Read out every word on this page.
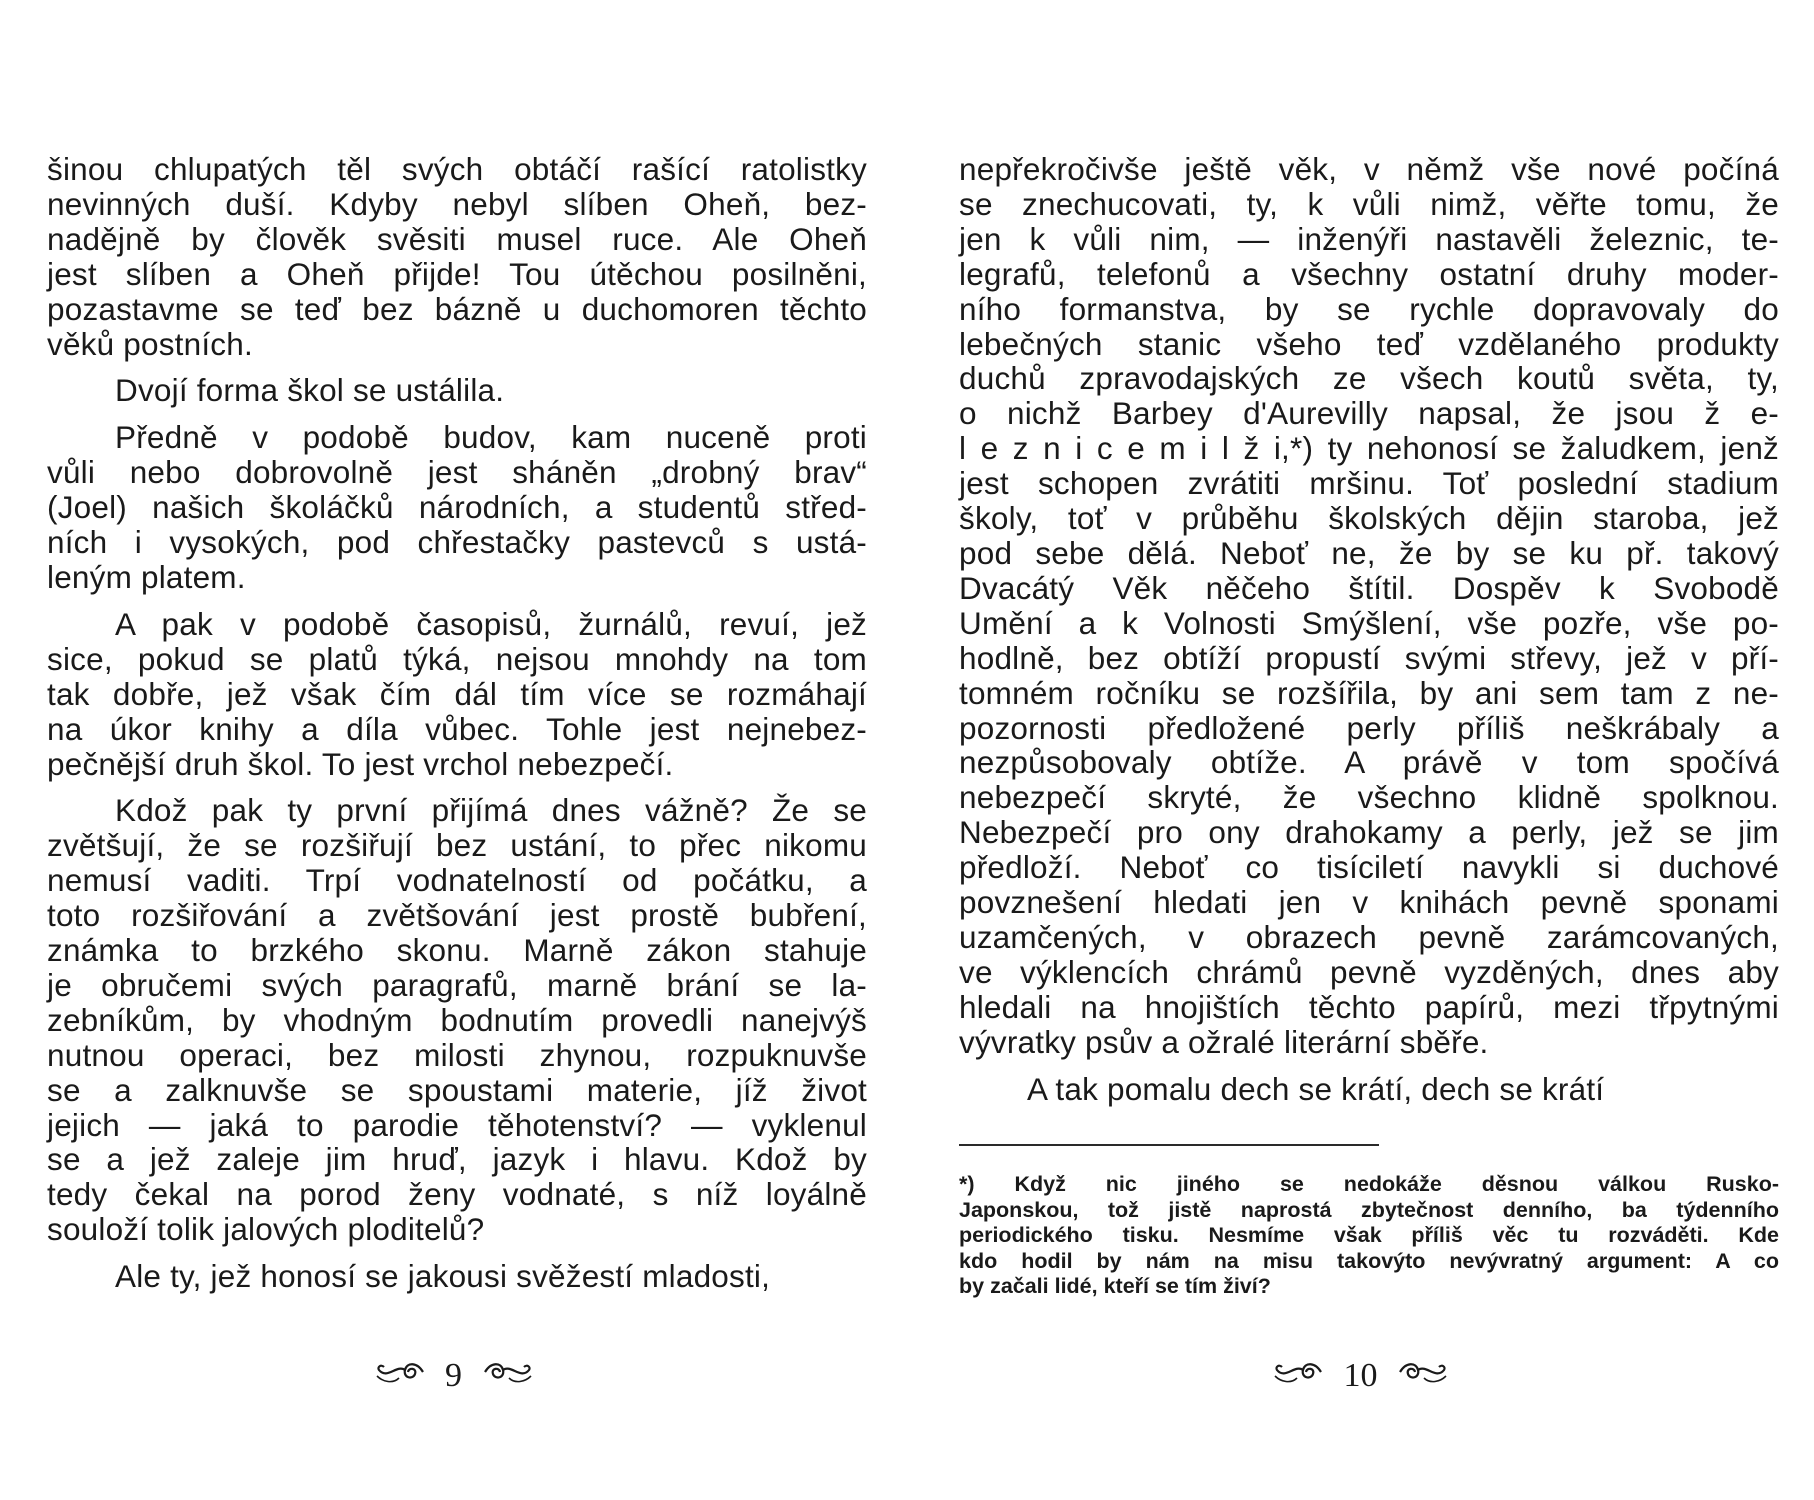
šinou chlupatých těl svých obtáčí rašící ratolistky
nevinných duší. Kdyby nebyl slíben Oheň, bez-
nadějně by člověk svěsiti musel ruce. Ale Oheň
jest slíben a Oheň přijde! Tou útěchou posilněni,
pozastavme se teď bez bázně u duchomoren těchto
věků postních.
Dvojí forma škol se ustálila.
Předně v podobě budov, kam nuceně proti
vůli nebo dobrovolně jest sháněn „drobný brav“
(Joel) našich školáčků národních, a studentů střed-
ních i vysokých, pod chřestačky pastevců s ustá-
leným platem.
A pak v podobě časopisů, žurnálů, revuí, jež
sice, pokud se platů týká, nejsou mnohdy na tom
tak dobře, jež však čím dál tím více se rozmáhají
na úkor knihy a díla vůbec. Tohle jest nejnebez-
pečnější druh škol. To jest vrchol nebezpečí.
Kdož pak ty první přijímá dnes vážně? Že se
zvětšují, že se rozšiřují bez ustání, to přec nikomu
nemusí vaditi. Trpí vodnatelností od počátku, a
toto rozšiřování a zvětšování jest prostě bubření,
známka to brzkého skonu. Marně zákon stahuje
je obručemi svých paragrafů, marně brání se la-
zebníkům, by vhodným bodnutím provedli nanejvýš
nutnou operaci, bez milosti zhynou, rozpuknuvše
se a zalknuvše se spoustami materie, jíž život
jejich — jaká to parodie těhotenství? — vyklenul
se a jež zaleje jim hruď, jazyk i hlavu. Kdož by
tedy čekal na porod ženy vodnaté, s níž loyálně
souloží tolik jalových ploditelů?
Ale ty, jež honosí se jakousi svěžestí mladosti,
9
nepřekročivše ještě věk, v němž vše nové počíná
se znechucovati, ty, k vůli nimž, věřte tomu, že
jen k vůli nim, — inženýři nastavěli železnic, te-
legrafů, telefonů a všechny ostatní druhy moder-
ního formanstva, by se rychle dopravovaly do
lebečných stanic všeho teď vzdělaného produkty
duchů zpravodajských ze všech koutů světa, ty,
o nichž Barbey d'Aurevilly napsal, že jsou ž e-
l e z n i c e m i l ž i,*) ty nehonosí se žaludkem, jenž
jest schopen zvrátiti mršinu. Toť poslední stadium
školy, toť v průběhu školských dějin staroba, jež
pod sebe dělá. Neboť ne, že by se ku př. takový
Dvacátý Věk něčeho štítil. Dospěv k Svobodě
Umění a k Volnosti Smýšlení, vše pozře, vše po-
hodlně, bez obtíží propustí svými střevy, jež v pří-
tomném ročníku se rozšířila, by ani sem tam z ne-
pozornosti předložené perly příliš neškrábaly a
nezpůsobovaly obtíže. A právě v tom spočívá
nebezpečí skryté, že všechno klidně spolknou.
Nebezpečí pro ony drahokamy a perly, jež se jim
předloží. Neboť co tisíciletí navykli si duchové
povznešení hledati jen v knihách pevně sponami
uzamčených, v obrazech pevně zarámcovaných,
ve výklencích chrámů pevně vyzděných, dnes aby
hledali na hnojištích těchto papírů, mezi třpytnými
vývratky psův a ožralé literární sběře.
A tak pomalu dech se krátí, dech se krátí
*) Když nic jiného se nedokáže děsnou válkou Rusko-
Japonskou, tož jistě naprostá zbytečnost denního, ba týdenního
periodického tisku. Nesmíme však příliš věc tu rozváděti. Kde
kdo hodil by nám na misu takovýto nevývratný argument: A co
by začali lidé, kteří se tím živí?
10
